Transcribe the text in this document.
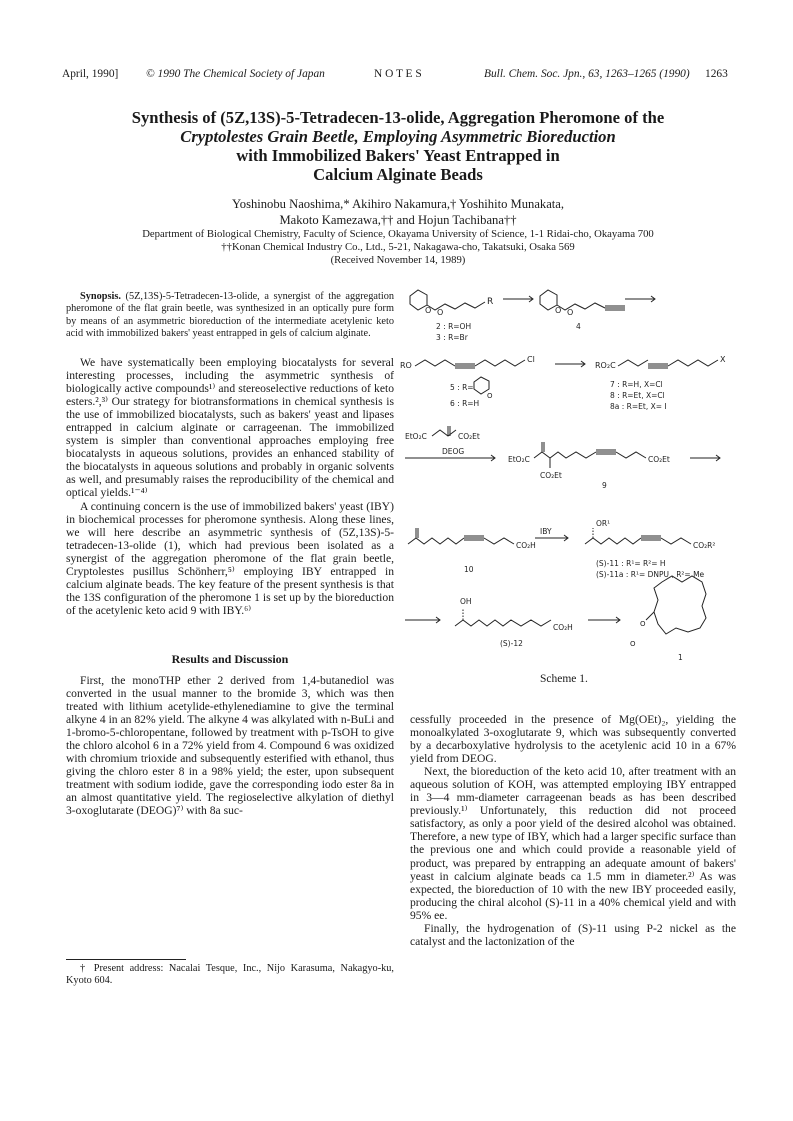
April, 1990] © 1990 The Chemical Society of Japan	N O T E S	Bull. Chem. Soc. Jpn., 63, 1263–1265 (1990) 1263
Synthesis of (5Z,13S)-5-Tetradecen-13-olide, Aggregation Pheromone of the
Cryptolestes Grain Beetle, Employing Asymmetric Bioreduction
with Immobilized Bakers' Yeast Entrapped in
Calcium Alginate Beads
Yoshinobu Naoshima,* Akihiro Nakamura,† Yoshihito Munakata,
Makoto Kamezawa,†† and Hojun Tachibana††
Department of Biological Chemistry, Faculty of Science, Okayama University of Science, 1-1 Ridai-cho, Okayama 700
††Konan Chemical Industry Co., Ltd., 5-21, Nakagawa-cho, Takatsuki, Osaka 569
(Received November 14, 1989)

Synopsis. (5Z,13S)-5-Tetradecen-13-olide, a synergist of the aggregation pheromone of the flat grain beetle, was synthesized in an optically pure form by means of an asymmetric bioreduction of the intermediate acetylenic keto acid with immobilized bakers' yeast entrapped in gels of calcium alginate.

We have systematically been employing biocatalysts for several interesting processes, including the asymmetric synthesis of biologically active compounds¹⁾ and stereoselective reductions of keto esters.²,³⁾ Our strategy for biotransformations in chemical synthesis is the use of immobilized biocatalysts, such as bakers' yeast and lipases entrapped in calcium alginate or carrageenan. The immobilized system is simpler than conventional approaches employing free biocatalysts in aqueous solutions, provides an enhanced stability of the biocatalysts in aqueous solutions and probably in organic solvents as well, and presumably raises the reproducibility of the chemical and optical yields.¹⁻⁴⁾

A continuing concern is the use of immobilized bakers' yeast (IBY) in biochemical processes for pheromone synthesis. Along these lines, we will here describe an asymmetric synthesis of (5Z,13S)-5-tetradecen-13-olide (1), which had previous been isolated as a synergist of the aggregation pheromone of the flat grain beetle, Cryptolestes pusillus Schönherr,⁵⁾ employing IBY entrapped in calcium alginate beads. The key feature of the present synthesis is that the 13S configuration of the pheromone 1 is set up by the bioreduction of the acetylenic keto acid 9 with IBY.⁶⁾

Results and Discussion

First, the monoTHP ether 2 derived from 1,4-butanediol was converted in the usual manner to the bromide 3, which was then treated with lithium acetylide-ethylenediamine to give the terminal alkyne 4 in an 82% yield. The alkyne 4 was alkylated with n-BuLi and 1-bromo-5-chloropentane, followed by treatment with p-TsOH to give the chloro alcohol 6 in a 72% yield from 4. Compound 6 was oxidized with chromium trioxide and subsequently esterified with ethanol, thus giving the chloro ester 8 in a 98% yield; the ester, upon subsequent treatment with sodium iodide, gave the corresponding iodo ester 8a in an almost quantitative yield. The regioselective alkylation of diethyl 3-oxoglutarate (DEOG)⁷⁾ with 8a suc-

† Present address: Nacalai Tesque, Inc., Nijo Karasuma, Nakagyo-ku, Kyoto 604.

O O
R
O O
2 : R=OH
3 : R=Br
4
RO
Cl
RO₂C
X
5 : R=
O
6 : R=H
7 : R=H, X=Cl
8 : R=Et, X=Cl
8a : R=Et, X= I
EtO₂C	CO₂Et
DEOG
EtO₂C
CO₂Et
CO₂Et
9
CO₂H
10
IBY
OR¹
CO₂R²
(S)-11 : R¹= R²= H
(S)-11a : R¹= DNPU , R²= Me
OH
CO₂H
(S)-12
O
O
1
Scheme 1.

cessfully proceeded in the presence of Mg(OEt)₂, yielding the monoalkylated 3-oxoglutarate 9, which was subsequently converted by a decarboxylative hydrolysis to the acetylenic acid 10 in a 67% yield from DEOG.

Next, the bioreduction of the keto acid 10, after treatment with an aqueous solution of KOH, was attempted employing IBY entrapped in 3—4 mm-diameter carrageenan beads as has been described previously.¹⁾ Unfortunately, this reduction did not proceed satisfactory, as only a poor yield of the desired alcohol was obtained. Therefore, a new type of IBY, which had a larger specific surface than the previous one and which could provide a reasonable yield of product, was prepared by entrapping an adequate amount of bakers' yeast in calcium alginate beads ca 1.5 mm in diameter.²⁾ As was expected, the bioreduction of 10 with the new IBY proceeded easily, producing the chiral alcohol (S)-11 in a 40% chemical yield and with 95% ee.

Finally, the hydrogenation of (S)-11 using P-2 nickel as the catalyst and the lactonization of the
